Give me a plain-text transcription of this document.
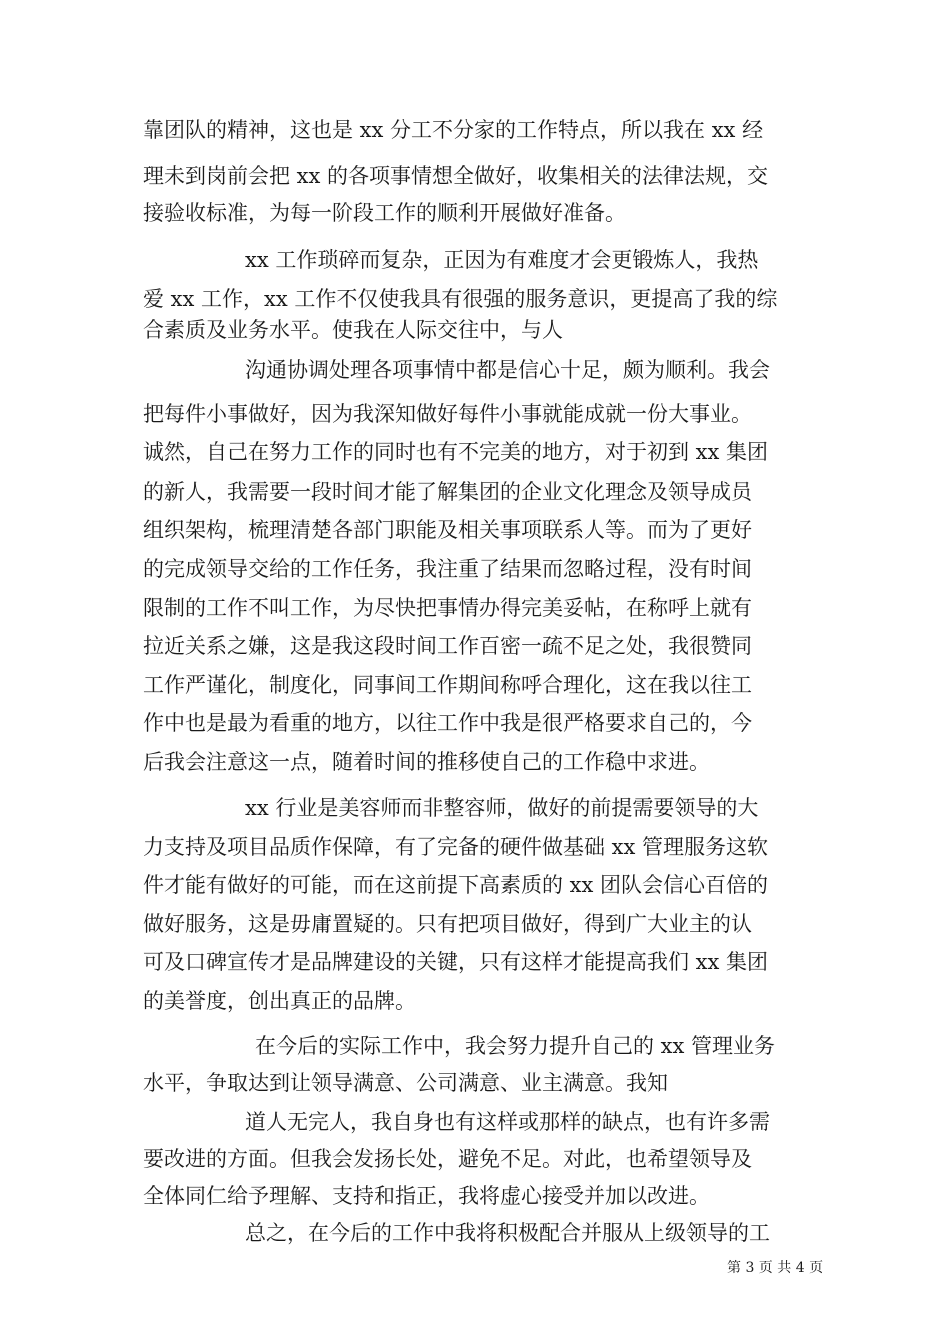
靠团队的精神，这也是 xx 分工不分家的工作特点，所以我在 xx 经
理未到岗前会把 xx 的各项事情想全做好，收集相关的法律法规，交
接验收标准，为每一阶段工作的顺利开展做好准备。
xx 工作琐碎而复杂，正因为有难度才会更锻炼人，我热
爱 xx 工作，xx 工作不仅使我具有很强的服务意识，更提高了我的综
合素质及业务水平。使我在人际交往中，与人
沟通协调处理各项事情中都是信心十足，颇为顺利。我会
把每件小事做好，因为我深知做好每件小事就能成就一份大事业。
诚然，自己在努力工作的同时也有不完美的地方，对于初到 xx 集团
的新人，我需要一段时间才能了解集团的企业文化理念及领导成员
组织架构，梳理清楚各部门职能及相关事项联系人等。而为了更好
的完成领导交给的工作任务，我注重了结果而忽略过程，没有时间
限制的工作不叫工作，为尽快把事情办得完美妥帖，在称呼上就有
拉近关系之嫌，这是我这段时间工作百密一疏不足之处，我很赞同
工作严谨化，制度化，同事间工作期间称呼合理化，这在我以往工
作中也是最为看重的地方，以往工作中我是很严格要求自己的，今
后我会注意这一点，随着时间的推移使自己的工作稳中求进。
xx 行业是美容师而非整容师，做好的前提需要领导的大
力支持及项目品质作保障，有了完备的硬件做基础 xx 管理服务这软
件才能有做好的可能，而在这前提下高素质的 xx 团队会信心百倍的
做好服务，这是毋庸置疑的。只有把项目做好，得到广大业主的认
可及口碑宣传才是品牌建设的关键，只有这样才能提高我们 xx 集团
的美誉度，创出真正的品牌。
在今后的实际工作中，我会努力提升自己的 xx 管理业务
水平，争取达到让领导满意、公司满意、业主满意。我知
道人无完人，我自身也有这样或那样的缺点，也有许多需
要改进的方面。但我会发扬长处，避免不足。对此，也希望领导及
全体同仁给予理解、支持和指正，我将虚心接受并加以改进。
总之，在今后的工作中我将积极配合并服从上级领导的工
第 3 页 共 4 页
